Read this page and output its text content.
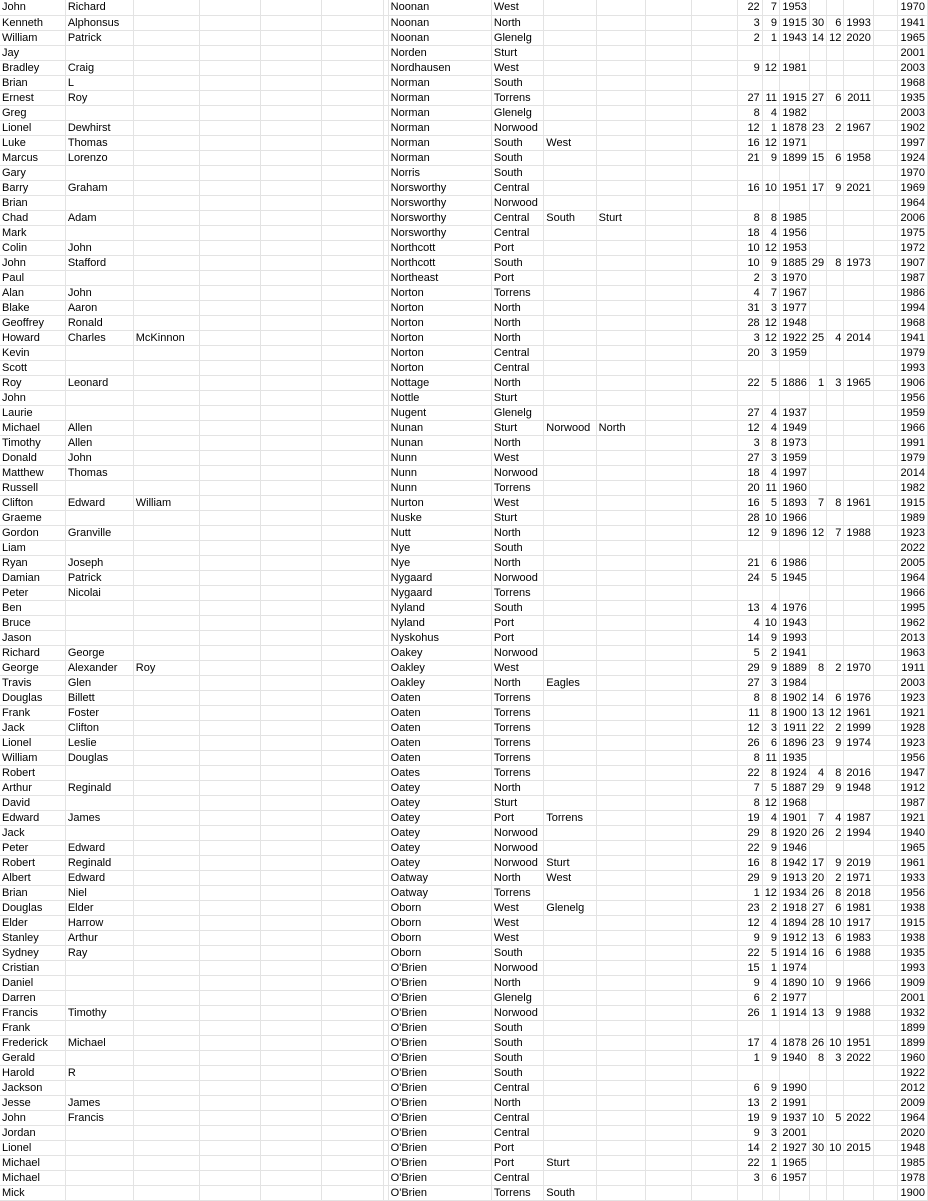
John	Richard						Noonan	West					22	7	1953					1970
Kenneth	Alphonsus						Noonan	North					3	9	1915	30	6	1993		1941
William	Patrick						Noonan	Glenelg					2	1	1943	14	12	2020		1965
Jay							Norden	Sturt												2001
Bradley	Craig						Nordhausen	West					9	12	1981					2003
Brian	L						Norman	South												1968
Ernest	Roy						Norman	Torrens					27	11	1915	27	6	2011		1935
Greg							Norman	Glenelg					8	4	1982					2003
Lionel	Dewhirst						Norman	Norwood					12	1	1878	23	2	1967		1902
Luke	Thomas						Norman	South	West				16	12	1971					1997
Marcus	Lorenzo						Norman	South					21	9	1899	15	6	1958		1924
Gary							Norris	South												1970
Barry	Graham						Norsworthy	Central					16	10	1951	17	9	2021		1969
Brian							Norsworthy	Norwood												1964
Chad	Adam						Norsworthy	Central	South	Sturt			8	8	1985					2006
Mark							Norsworthy	Central					18	4	1956					1975
Colin	John						Northcott	Port					10	12	1953					1972
John	Stafford						Northcott	South					10	9	1885	29	8	1973		1907
Paul							Northeast	Port					2	3	1970					1987
Alan	John						Norton	Torrens					4	7	1967					1986
Blake	Aaron						Norton	North					31	3	1977					1994
Geoffrey	Ronald						Norton	North					28	12	1948					1968
Howard	Charles	McKinnon					Norton	North					3	12	1922	25	4	2014		1941
Kevin							Norton	Central					20	3	1959					1979
Scott							Norton	Central												1993
Roy	Leonard						Nottage	North					22	5	1886	1	3	1965		1906
John							Nottle	Sturt												1956
Laurie							Nugent	Glenelg					27	4	1937					1959
Michael	Allen						Nunan	Sturt	Norwood	North			12	4	1949					1966
Timothy	Allen						Nunan	North					3	8	1973					1991
Donald	John						Nunn	West					27	3	1959					1979
Matthew	Thomas						Nunn	Norwood					18	4	1997					2014
Russell							Nunn	Torrens					20	11	1960					1982
Clifton	Edward	William					Nurton	West					16	5	1893	7	8	1961		1915
Graeme							Nuske	Sturt					28	10	1966					1989
Gordon	Granville						Nutt	North					12	9	1896	12	7	1988		1923
Liam							Nye	South												2022
Ryan	Joseph						Nye	North					21	6	1986					2005
Damian	Patrick						Nygaard	Norwood					24	5	1945					1964
Peter	Nicolai						Nygaard	Torrens												1966
Ben							Nyland	South					13	4	1976					1995
Bruce							Nyland	Port					4	10	1943					1962
Jason							Nyskohus	Port					14	9	1993					2013
Richard	George						Oakey	Norwood					5	2	1941					1963
George	Alexander	Roy					Oakley	West					29	9	1889	8	2	1970		1911
Travis	Glen						Oakley	North	Eagles				27	3	1984					2003
Douglas	Billett						Oaten	Torrens					8	8	1902	14	6	1976		1923
Frank	Foster						Oaten	Torrens					11	8	1900	13	12	1961		1921
Jack	Clifton						Oaten	Torrens					12	3	1911	22	2	1999		1928
Lionel	Leslie						Oaten	Torrens					26	6	1896	23	9	1974		1923
William	Douglas						Oaten	Torrens					8	11	1935					1956
Robert							Oates	Torrens					22	8	1924	4	8	2016		1947
Arthur	Reginald						Oatey	North					7	5	1887	29	9	1948		1912
David							Oatey	Sturt					8	12	1968					1987
Edward	James						Oatey	Port	Torrens				19	4	1901	7	4	1987		1921
Jack							Oatey	Norwood					29	8	1920	26	2	1994		1940
Peter	Edward						Oatey	Norwood					22	9	1946					1965
Robert	Reginald						Oatey	Norwood	Sturt				16	8	1942	17	9	2019		1961
Albert	Edward						Oatway	North	West				29	9	1913	20	2	1971		1933
Brian	Niel						Oatway	Torrens					1	12	1934	26	8	2018		1956
Douglas	Elder						Oborn	West	Glenelg				23	2	1918	27	6	1981		1938
Elder	Harrow						Oborn	West					12	4	1894	28	10	1917		1915
Stanley	Arthur						Oborn	West					9	9	1912	13	6	1983		1938
Sydney	Ray						Oborn	South					22	5	1914	16	6	1988		1935
Cristian							O'Brien	Norwood					15	1	1974					1993
Daniel							O'Brien	North					9	4	1890	10	9	1966		1909
Darren							O'Brien	Glenelg					6	2	1977					2001
Francis	Timothy						O'Brien	Norwood					26	1	1914	13	9	1988		1932
Frank							O'Brien	South												1899
Frederick	Michael						O'Brien	South					17	4	1878	26	10	1951		1899
Gerald							O'Brien	South					1	9	1940	8	3	2022		1960
Harold	R						O'Brien	South												1922
Jackson							O'Brien	Central					6	9	1990					2012
Jesse	James						O'Brien	North					13	2	1991					2009
John	Francis						O'Brien	Central					19	9	1937	10	5	2022		1964
Jordan							O'Brien	Central					9	3	2001					2020
Lionel							O'Brien	Port					14	2	1927	30	10	2015		1948
Michael							O'Brien	Port	Sturt				22	1	1965					1985
Michael							O'Brien	Central					3	6	1957					1978
Mick							O'Brien	Torrens	South											1900
